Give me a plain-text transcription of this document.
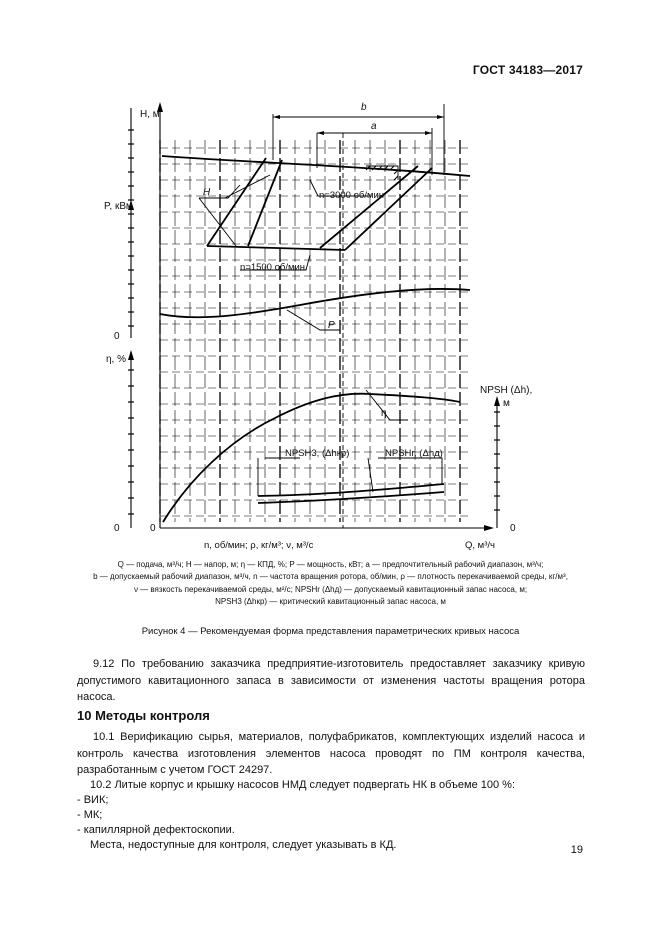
ГОСТ 34183—2017
H, м
P, кВм
η, %
NPSH (Δh),
м
0
0	0	0
n, об/мин; ρ, кг/м³; ν, м³/с	Q, м³/ч
b
a
H
P
η
n=3000 об/мин
n=1500 об/мин
NPSH3, (Δhкр)	NPSHr, (Δhд)
Q — подача, м³/ч; H — напор, м; η — КПД, %; P — мощность, кВт; a — предпочтительный рабочий диапазон, м³/ч;
b — допускаемый рабочий диапазон, м³/ч, n — частота вращения ротора, об/мин, ρ — плотность перекачиваемой среды, кг/м³,
ν — вязкость перекачиваемой среды, м²/с; NPSHr (Δhд) — допускаемый кавитационный запас насоса, м;
NPSH3 (Δhкр) — критический кавитационный запас насоса, м
Рисунок 4 — Рекомендуемая форма представления параметрических кривых насоса
9.12 По требованию заказчика предприятие-изготовитель предоставляет заказчику кривую допустимого кавитационного запаса в зависимости от изменения частоты вращения ротора насоса.
10 Методы контроля
10.1 Верификацию сырья, материалов, полуфабрикатов, комплектующих изделий насоса и контроль качества изготовления элементов насоса проводят по ПМ контроля качества, разработанным с учетом ГОСТ 24297.
10.2 Литые корпус и крышку насосов НМД следует подвергать НК в объеме 100 %:
- ВИК;
- МК;
- капиллярной дефектоскопии.
Места, недоступные для контроля, следует указывать в КД.	19
